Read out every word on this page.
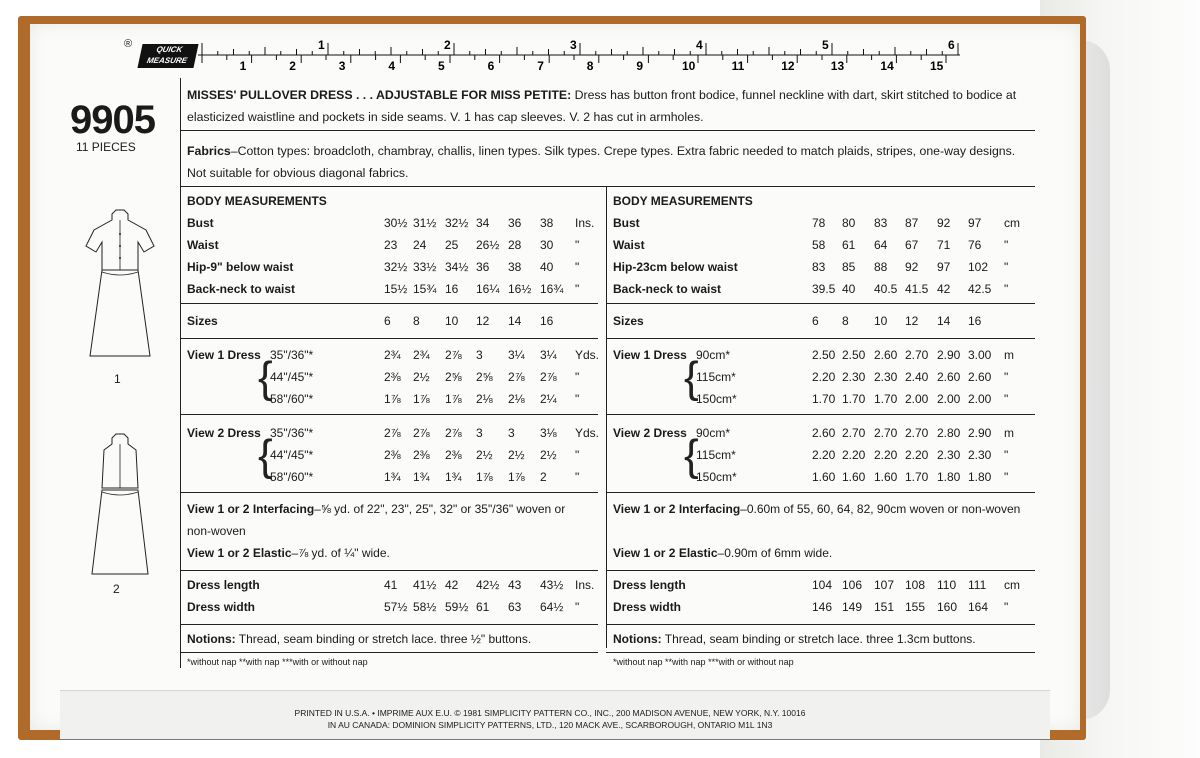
®	QUICK
MEASURE
1	2	3	4	5	6
1	2	3	4	5	6	7	8	9	10	11	12	13	14	15
9905
11 PIECES
MISSES' PULLOVER DRESS . . . ADJUSTABLE FOR MISS PETITE: Dress has button front bodice, funnel neckline with dart, skirt stitched to bodice at elasticized waistline and pockets in side seams. V. 1 has cap sleeves. V. 2 has cut in armholes.
Fabrics–Cotton types: broadcloth, chambray, challis, linen types. Silk types. Crepe types. Extra fabric needed to match plaids, stripes, one-way designs. Not suitable for obvious diagonal fabrics.
1
2
BODY MEASUREMENTS
Bust	30½ 31½ 32½ 34 36 38 Ins.
Waist	23 24 25 26½ 28 30 "
Hip-9" below waist	32½ 33½ 34½ 36 38 40 "
Back-neck to waist	15½ 15¾ 16 16¼ 16½ 16¾ "
Sizes	6 8 10 12 14 16
View 1 Dress
{
35"/36"*	2¾ 2¾ 2⅞ 3 3¼ 3¼ Yds.
44"/45"*	2⅜ 2½ 2⅝ 2⅝ 2⅞ 2⅞ "
58"/60"*	1⅞ 1⅞ 1⅞ 2⅛ 2⅛ 2¼ "
View 2 Dress
{
35"/36"*	2⅞ 2⅞ 2⅞ 3 3 3⅛ Yds.
44"/45"*	2⅜ 2⅜ 2⅜ 2½ 2½ 2½ "
58"/60"*	1¾ 1¾ 1¾ 1⅞ 1⅞ 2 "
View 1 or 2 Interfacing–⅝ yd. of 22", 23", 25", 32" or 35"/36" woven or
non-woven
View 1 or 2 Elastic–⅞ yd. of ¼" wide.
Dress length	41 41½ 42 42½ 43 43½ Ins.
Dress width	57½ 58½ 59½ 61 63 64½ "
Notions: Thread, seam binding or stretch lace. three ½" buttons.
*without nap **with nap ***with or without nap
BODY MEASUREMENTS
Bust	78 80 83 87 92 97 cm
Waist	58 61 64 67 71 76 "
Hip-23cm below waist	83 85 88 92 97 102 "
Back-neck to waist	39.5 40 40.5 41.5 42 42.5 "
Sizes	6 8 10 12 14 16
View 1 Dress
{
90cm*	2.50 2.50 2.60 2.70 2.90 3.00 m
115cm*	2.20 2.30 2.30 2.40 2.60 2.60 "
150cm*	1.70 1.70 1.70 2.00 2.00 2.00 "
View 2 Dress
{
90cm*	2.60 2.70 2.70 2.70 2.80 2.90 m
115cm*	2.20 2.20 2.20 2.20 2.30 2.30 "
150cm*	1.60 1.60 1.60 1.70 1.80 1.80 "
View 1 or 2 Interfacing–0.60m of 55, 60, 64, 82, 90cm woven or non-woven
View 1 or 2 Elastic–0.90m of 6mm wide.
Dress length	104 106 107 108 110 111 cm
Dress width	146 149 151 155 160 164 "
Notions: Thread, seam binding or stretch lace. three 1.3cm buttons.
*without nap **with nap ***with or without nap
PRINTED IN U.S.A. • IMPRIME AUX E.U. © 1981 SIMPLICITY PATTERN CO., INC., 200 MADISON AVENUE, NEW YORK, N.Y. 10016
IN AU CANADA: DOMINION SIMPLICITY PATTERNS, LTD., 120 MACK AVE., SCARBOROUGH, ONTARIO M1L 1N3
